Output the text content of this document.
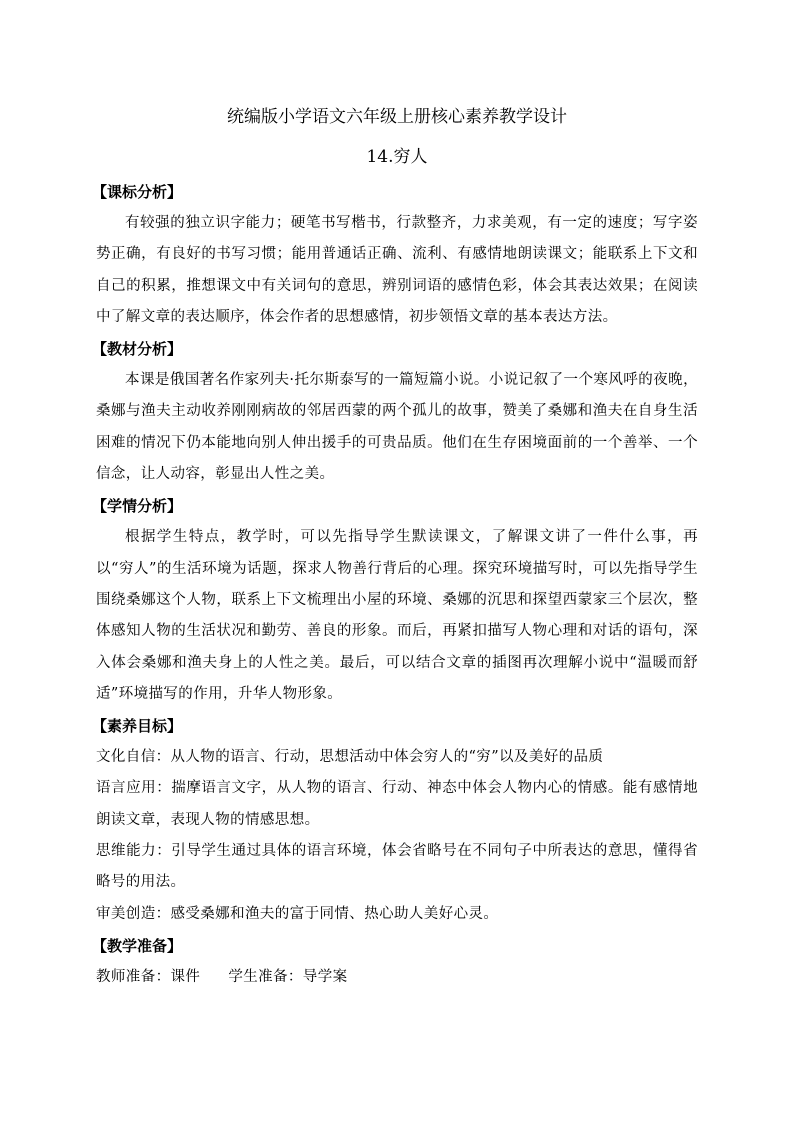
统编版小学语文六年级上册核心素养教学设计
14.穷人
【课标分析】

有较强的独立识字能力；硬笔书写楷书，行款整齐，力求美观，有一定的速度；写字姿势正确，有良好的书写习惯；能用普通话正确、流利、有感情地朗读课文；能联系上下文和自己的积累，推想课文中有关词句的意思，辨别词语的感情色彩，体会其表达效果；在阅读中了解文章的表达顺序，体会作者的思想感情，初步领悟文章的基本表达方法。

【教材分析】

本课是俄国著名作家列夫·托尔斯泰写的一篇短篇小说。小说记叙了一个寒风呼的夜晚，桑娜与渔夫主动收养刚刚病故的邻居西蒙的两个孤儿的故事，赞美了桑娜和渔夫在自身生活困难的情况下仍本能地向别人伸出援手的可贵品质。他们在生存困境面前的一个善举、一个信念，让人动容，彰显出人性之美。

【学情分析】

根据学生特点，教学时，可以先指导学生默读课文，了解课文讲了一件什么事，再以“穷人”的生活环境为话题，探求人物善行背后的心理。探究环境描写时，可以先指导学生围绕桑娜这个人物，联系上下文梳理出小屋的环境、桑娜的沉思和探望西蒙家三个层次，整体感知人物的生活状况和勤劳、善良的形象。而后，再紧扣描写人物心理和对话的语句，深入体会桑娜和渔夫身上的人性之美。最后，可以结合文章的插图再次理解小说中“温暖而舒适”环境描写的作用，升华人物形象。

【素养目标】

文化自信：从人物的语言、行动，思想活动中体会穷人的“穷”以及美好的品质

语言应用：揣摩语言文字，从人物的语言、行动、神态中体会人物内心的情感。能有感情地朗读文章，表现人物的情感思想。

思维能力：引导学生通过具体的语言环境，体会省略号在不同句子中所表达的意思，懂得省略号的用法。

审美创造：感受桑娜和渔夫的富于同情、热心助人美好心灵。

【教学准备】

教师准备：课件 学生准备：导学案
